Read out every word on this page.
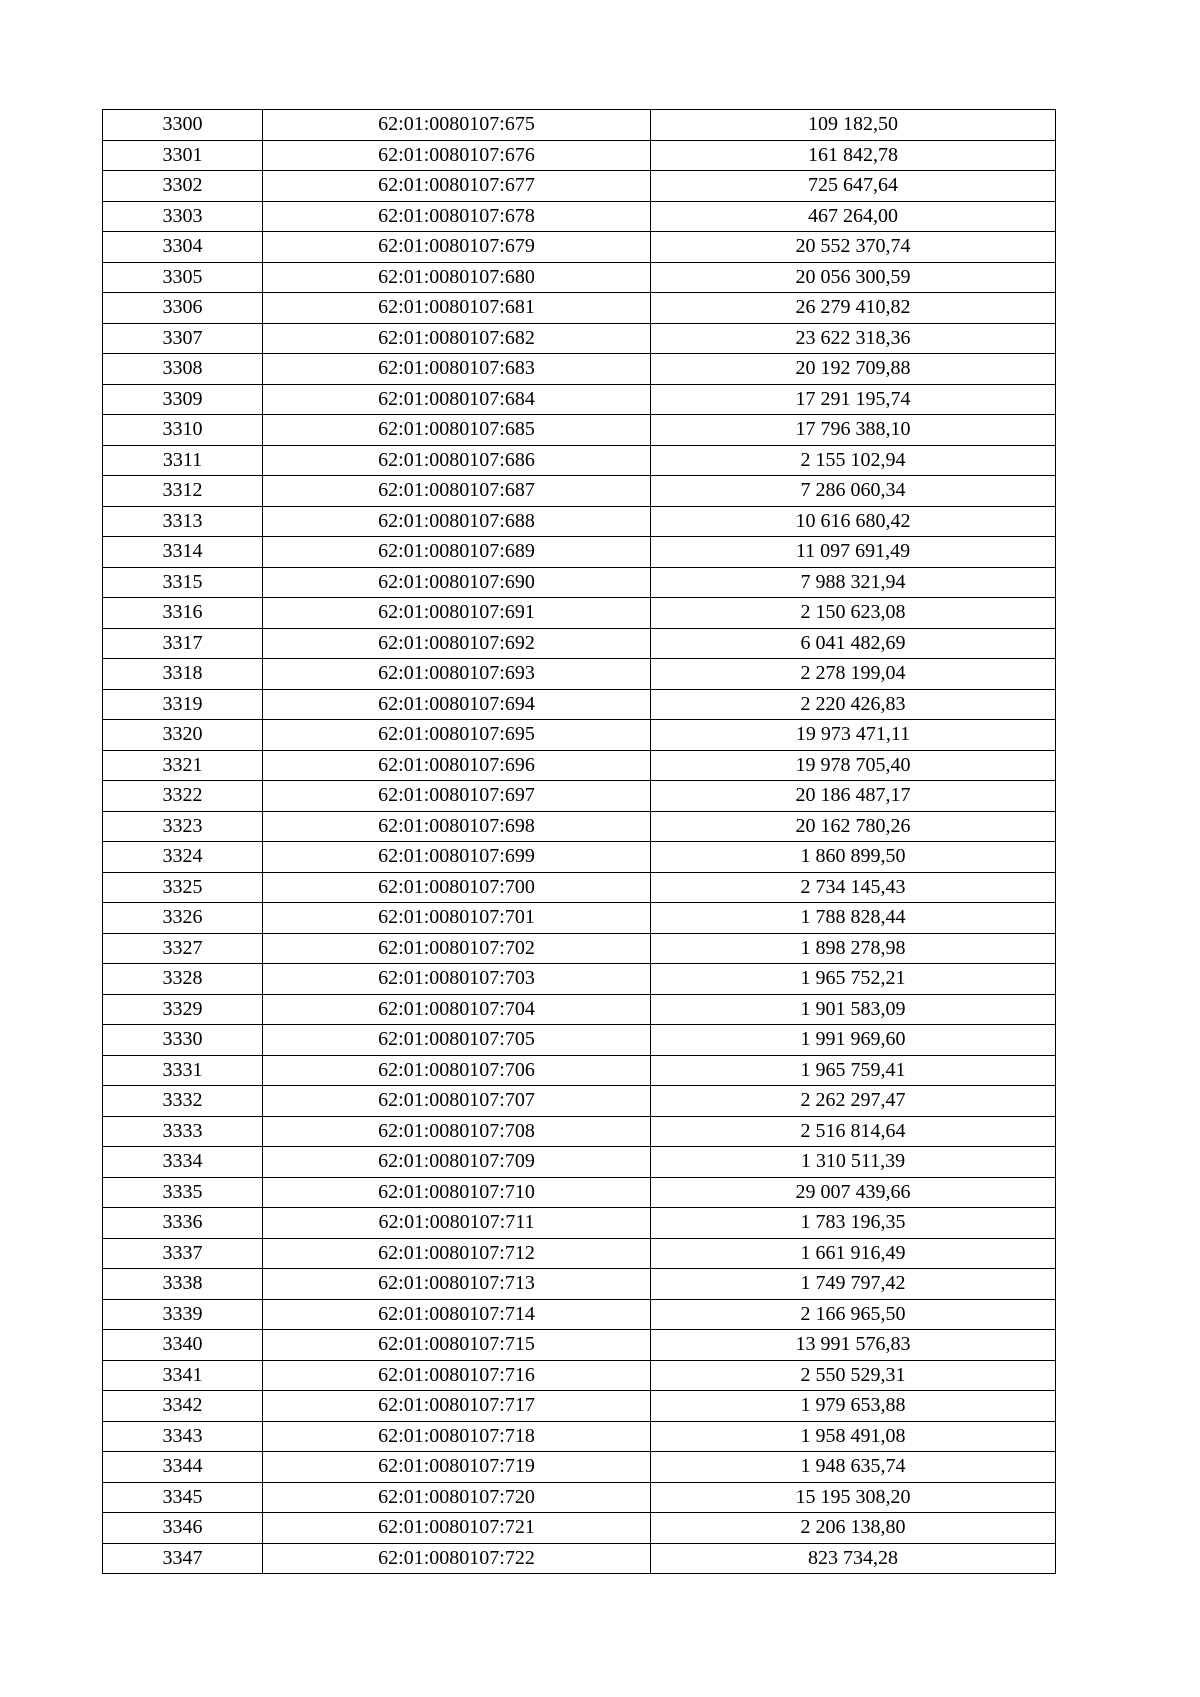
3300	62:01:0080107:675	109 182,50
3301	62:01:0080107:676	161 842,78
3302	62:01:0080107:677	725 647,64
3303	62:01:0080107:678	467 264,00
3304	62:01:0080107:679	20 552 370,74
3305	62:01:0080107:680	20 056 300,59
3306	62:01:0080107:681	26 279 410,82
3307	62:01:0080107:682	23 622 318,36
3308	62:01:0080107:683	20 192 709,88
3309	62:01:0080107:684	17 291 195,74
3310	62:01:0080107:685	17 796 388,10
3311	62:01:0080107:686	2 155 102,94
3312	62:01:0080107:687	7 286 060,34
3313	62:01:0080107:688	10 616 680,42
3314	62:01:0080107:689	11 097 691,49
3315	62:01:0080107:690	7 988 321,94
3316	62:01:0080107:691	2 150 623,08
3317	62:01:0080107:692	6 041 482,69
3318	62:01:0080107:693	2 278 199,04
3319	62:01:0080107:694	2 220 426,83
3320	62:01:0080107:695	19 973 471,11
3321	62:01:0080107:696	19 978 705,40
3322	62:01:0080107:697	20 186 487,17
3323	62:01:0080107:698	20 162 780,26
3324	62:01:0080107:699	1 860 899,50
3325	62:01:0080107:700	2 734 145,43
3326	62:01:0080107:701	1 788 828,44
3327	62:01:0080107:702	1 898 278,98
3328	62:01:0080107:703	1 965 752,21
3329	62:01:0080107:704	1 901 583,09
3330	62:01:0080107:705	1 991 969,60
3331	62:01:0080107:706	1 965 759,41
3332	62:01:0080107:707	2 262 297,47
3333	62:01:0080107:708	2 516 814,64
3334	62:01:0080107:709	1 310 511,39
3335	62:01:0080107:710	29 007 439,66
3336	62:01:0080107:711	1 783 196,35
3337	62:01:0080107:712	1 661 916,49
3338	62:01:0080107:713	1 749 797,42
3339	62:01:0080107:714	2 166 965,50
3340	62:01:0080107:715	13 991 576,83
3341	62:01:0080107:716	2 550 529,31
3342	62:01:0080107:717	1 979 653,88
3343	62:01:0080107:718	1 958 491,08
3344	62:01:0080107:719	1 948 635,74
3345	62:01:0080107:720	15 195 308,20
3346	62:01:0080107:721	2 206 138,80
3347	62:01:0080107:722	823 734,28
